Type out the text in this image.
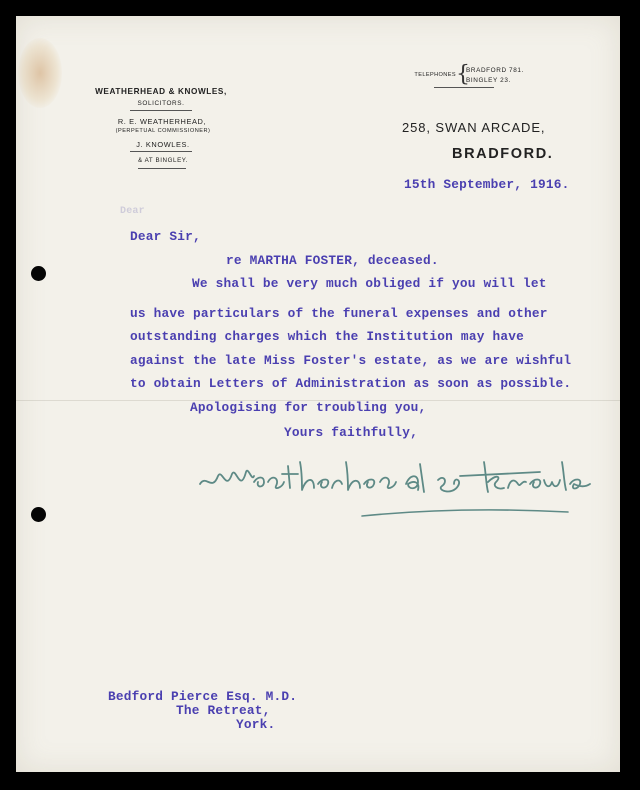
WEATHERHEAD & KNOWLES,
SOLICITORS.
R. E. WEATHERHEAD,
(PERPETUAL COMMISSIONER)
J. KNOWLES.
& AT BINGLEY.
TELEPHONES {
BRADFORD 781.
BINGLEY 23.
258, SWAN ARCADE,
BRADFORD.
15th September, 1916.
Dear
Dear Sir,
re MARTHA FOSTER, deceased.
We shall be very much obliged if you will let
us have particulars of the funeral expenses and other
outstanding charges which the Institution may have
against the late Miss Foster's estate, as we are wishful
to obtain Letters of Administration as soon as possible.
Apologising for troubling you,
Yours faithfully,
Bedford Pierce Esq. M.D.
The Retreat,
York.
